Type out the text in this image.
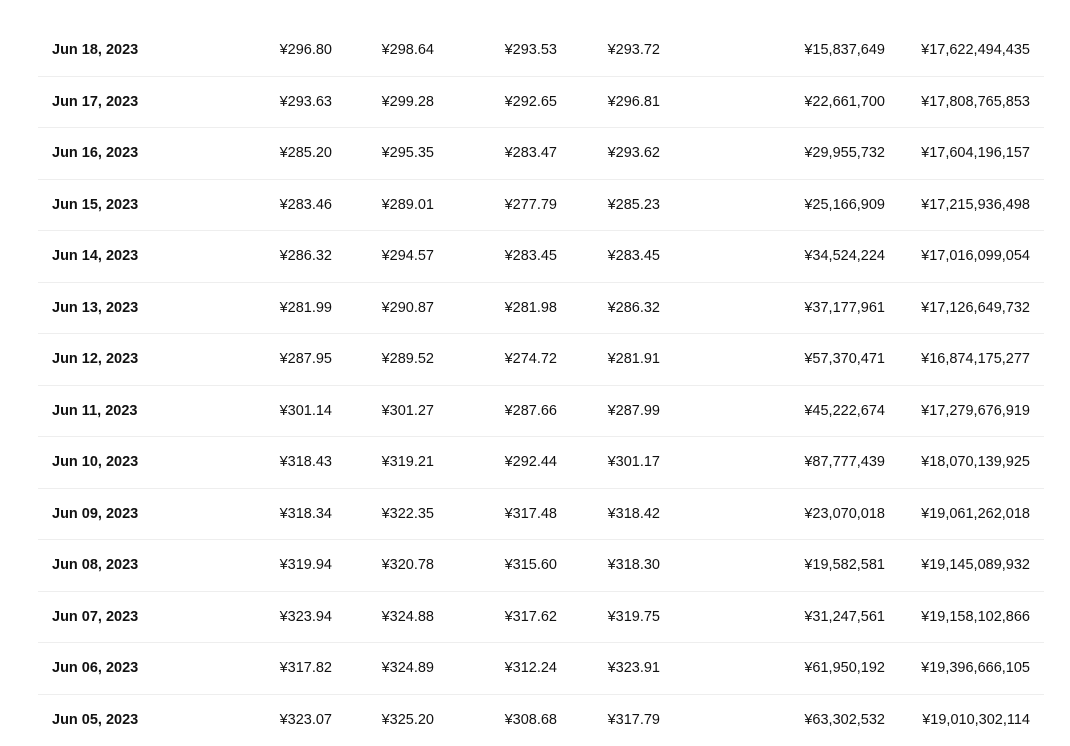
Jun 18, 2023	¥296.80	¥298.64	¥293.53	¥293.72	¥15,837,649 ¥17,622,494,435
Jun 17, 2023	¥293.63	¥299.28	¥292.65	¥296.81	¥22,661,700 ¥17,808,765,853
Jun 16, 2023	¥285.20	¥295.35	¥283.47	¥293.62	¥29,955,732 ¥17,604,196,157
Jun 15, 2023	¥283.46	¥289.01	¥277.79	¥285.23	¥25,166,909 ¥17,215,936,498
Jun 14, 2023	¥286.32	¥294.57	¥283.45	¥283.45	¥34,524,224 ¥17,016,099,054
Jun 13, 2023	¥281.99	¥290.87	¥281.98	¥286.32	¥37,177,961 ¥17,126,649,732
Jun 12, 2023	¥287.95	¥289.52	¥274.72	¥281.91	¥57,370,471 ¥16,874,175,277
Jun 11, 2023	¥301.14	¥301.27	¥287.66	¥287.99	¥45,222,674 ¥17,279,676,919
Jun 10, 2023	¥318.43	¥319.21	¥292.44	¥301.17	¥87,777,439 ¥18,070,139,925
Jun 09, 2023	¥318.34	¥322.35	¥317.48	¥318.42	¥23,070,018 ¥19,061,262,018
Jun 08, 2023	¥319.94	¥320.78	¥315.60	¥318.30	¥19,582,581 ¥19,145,089,932
Jun 07, 2023	¥323.94	¥324.88	¥317.62	¥319.75	¥31,247,561 ¥19,158,102,866
Jun 06, 2023	¥317.82	¥324.89	¥312.24	¥323.91	¥61,950,192 ¥19,396,666,105
Jun 05, 2023	¥323.07	¥325.20	¥308.68	¥317.79	¥63,302,532	¥19,010,302,114
